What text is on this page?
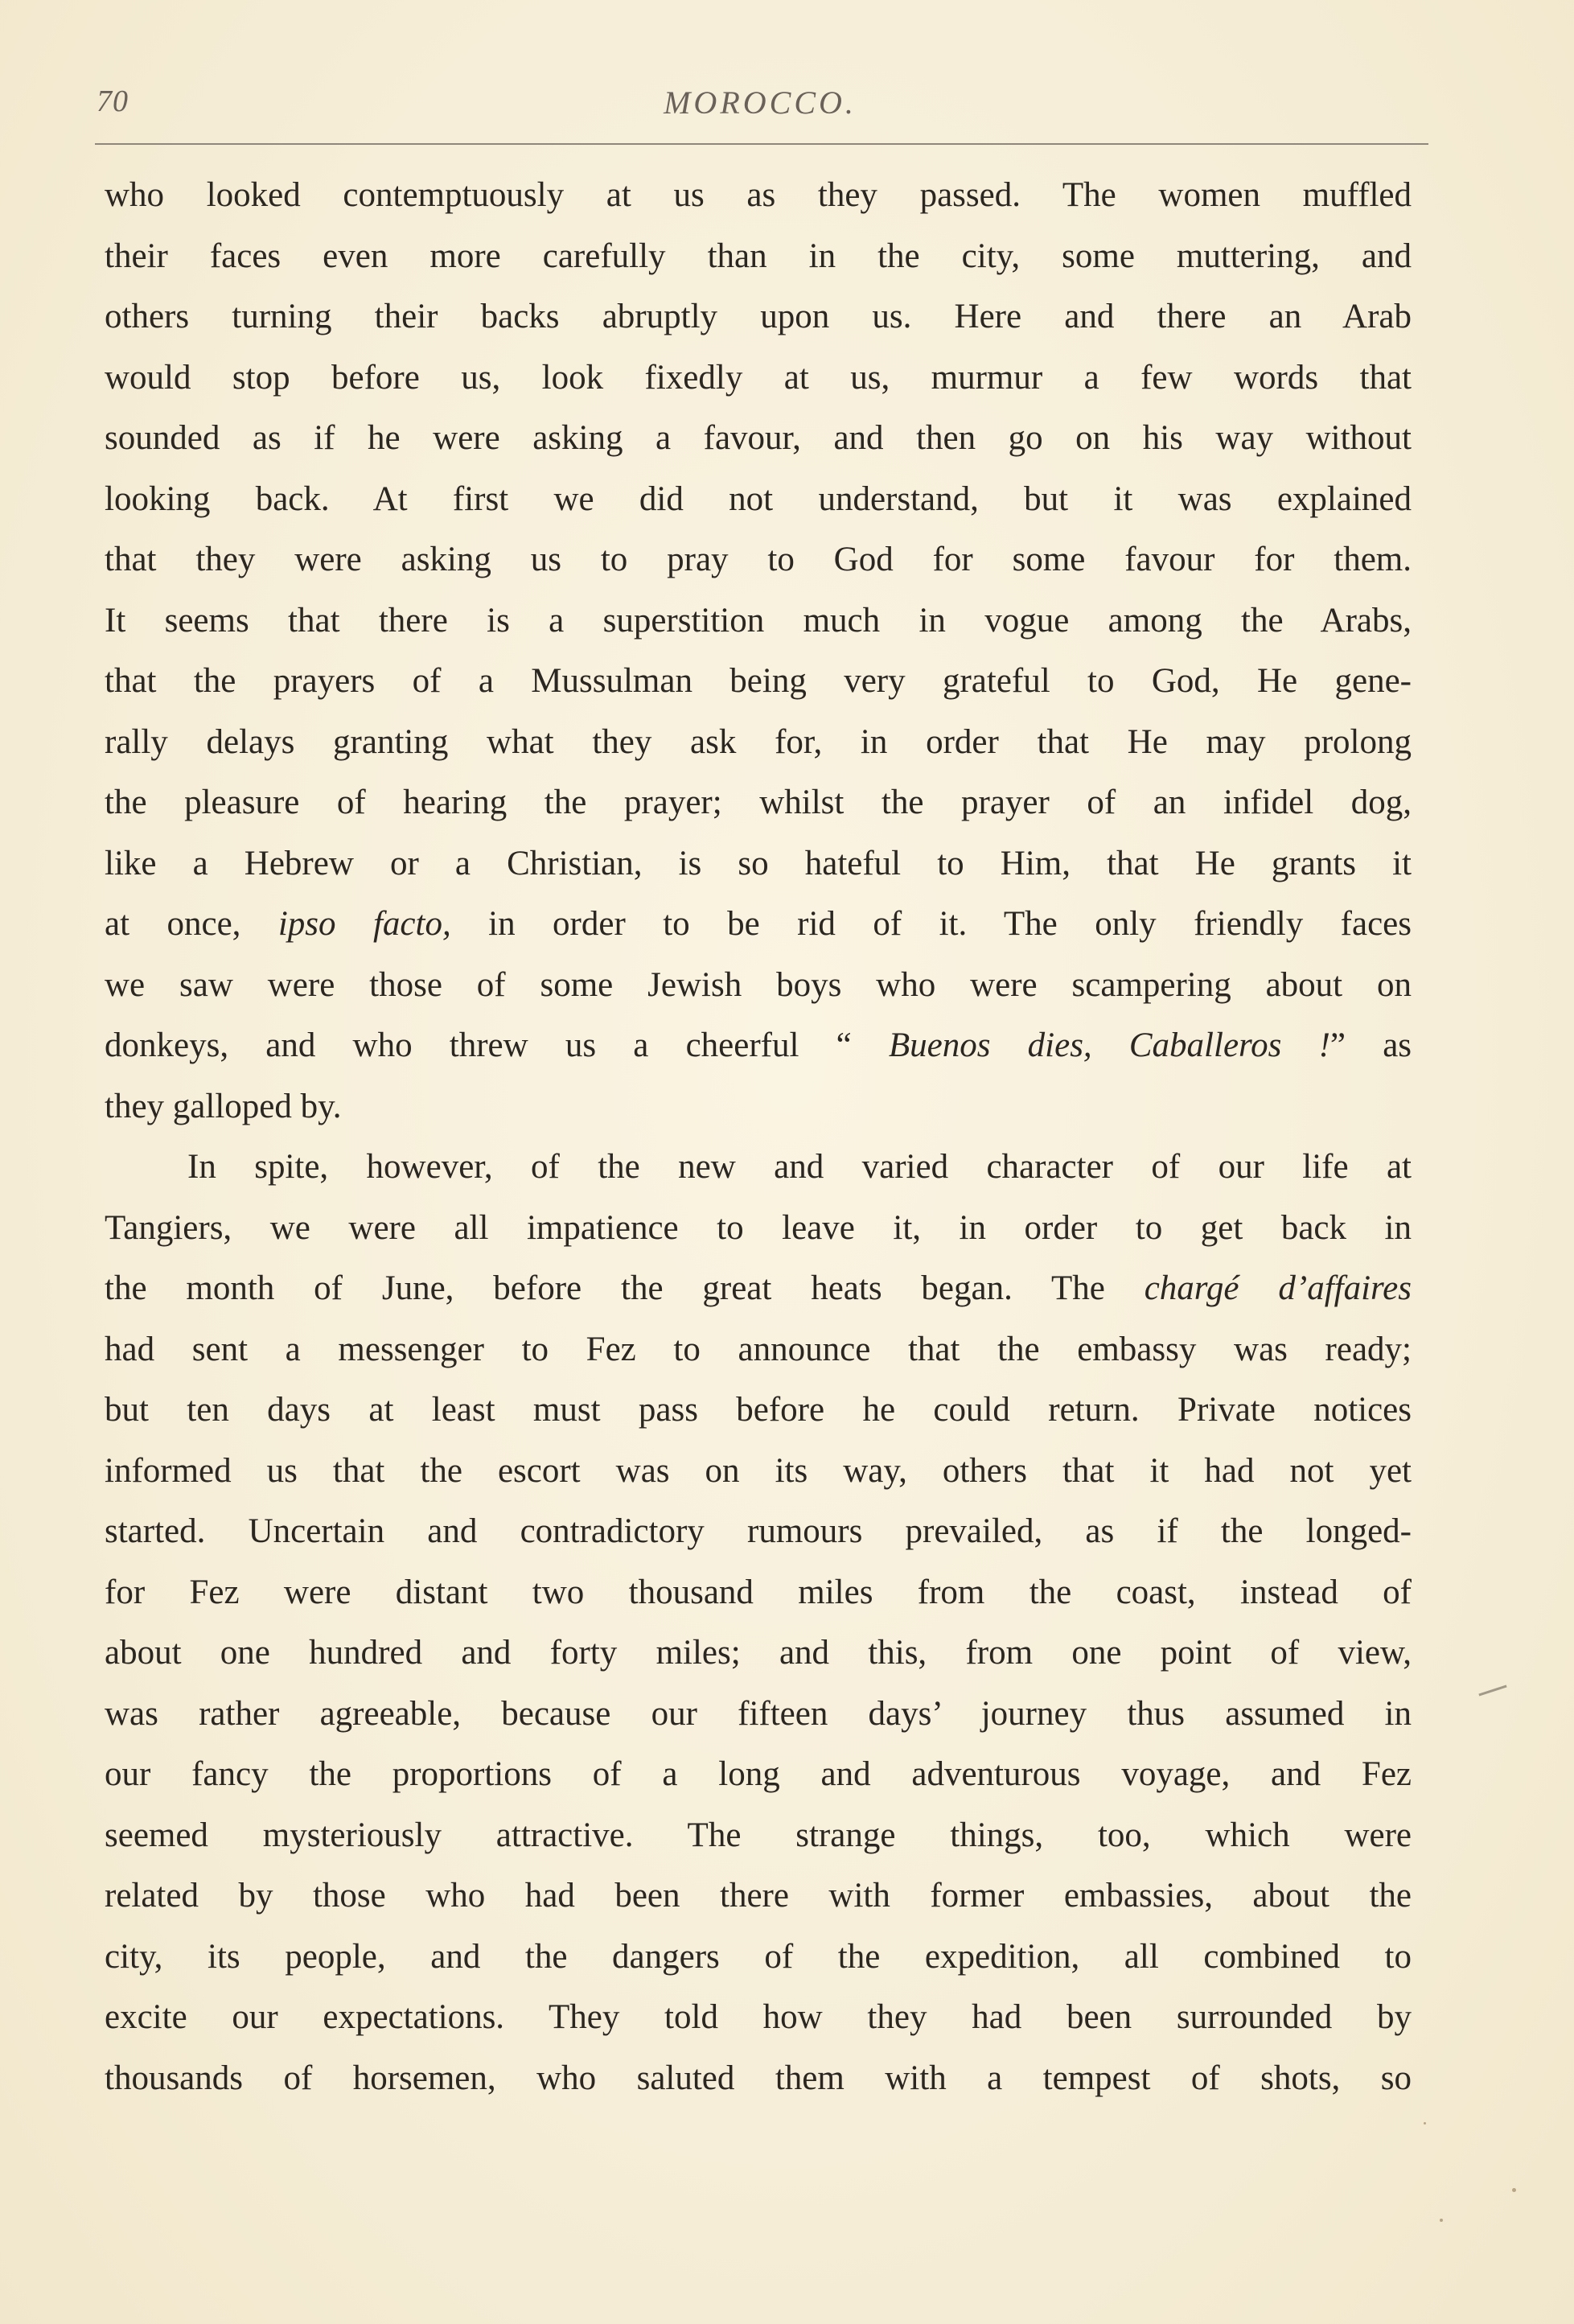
70	MOROCCO.
who looked contemptuously at us as they passed. The women muffled
their faces even more carefully than in the city, some muttering, and
others turning their backs abruptly upon us. Here and there an Arab
would stop before us, look fixedly at us, murmur a few words that
sounded as if he were asking a favour, and then go on his way without
looking back. At first we did not understand, but it was explained
that they were asking us to pray to God for some favour for them.
It seems that there is a superstition much in vogue among the Arabs,
that the prayers of a Mussulman being very grateful to God, He gene-
rally delays granting what they ask for, in order that He may prolong
the pleasure of hearing the prayer; whilst the prayer of an infidel dog,
like a Hebrew or a Christian, is so hateful to Him, that He grants it
at once, ipso facto, in order to be rid of it. The only friendly faces
we saw were those of some Jewish boys who were scampering about on
donkeys, and who threw us a cheerful “ Buenos dies, Caballeros !” as
they galloped by.
In spite, however, of the new and varied character of our life at
Tangiers, we were all impatience to leave it, in order to get back in
the month of June, before the great heats began. The chargé d’affaires
had sent a messenger to Fez to announce that the embassy was ready;
but ten days at least must pass before he could return. Private notices
informed us that the escort was on its way, others that it had not yet
started. Uncertain and contradictory rumours prevailed, as if the longed-
for Fez were distant two thousand miles from the coast, instead of
about one hundred and forty miles; and this, from one point of view,
was rather agreeable, because our fifteen days’ journey thus assumed in
our fancy the proportions of a long and adventurous voyage, and Fez
seemed mysteriously attractive. The strange things, too, which were
related by those who had been there with former embassies, about the
city, its people, and the dangers of the expedition, all combined to
excite our expectations. They told how they had been surrounded by
thousands of horsemen, who saluted them with a tempest of shots, so
